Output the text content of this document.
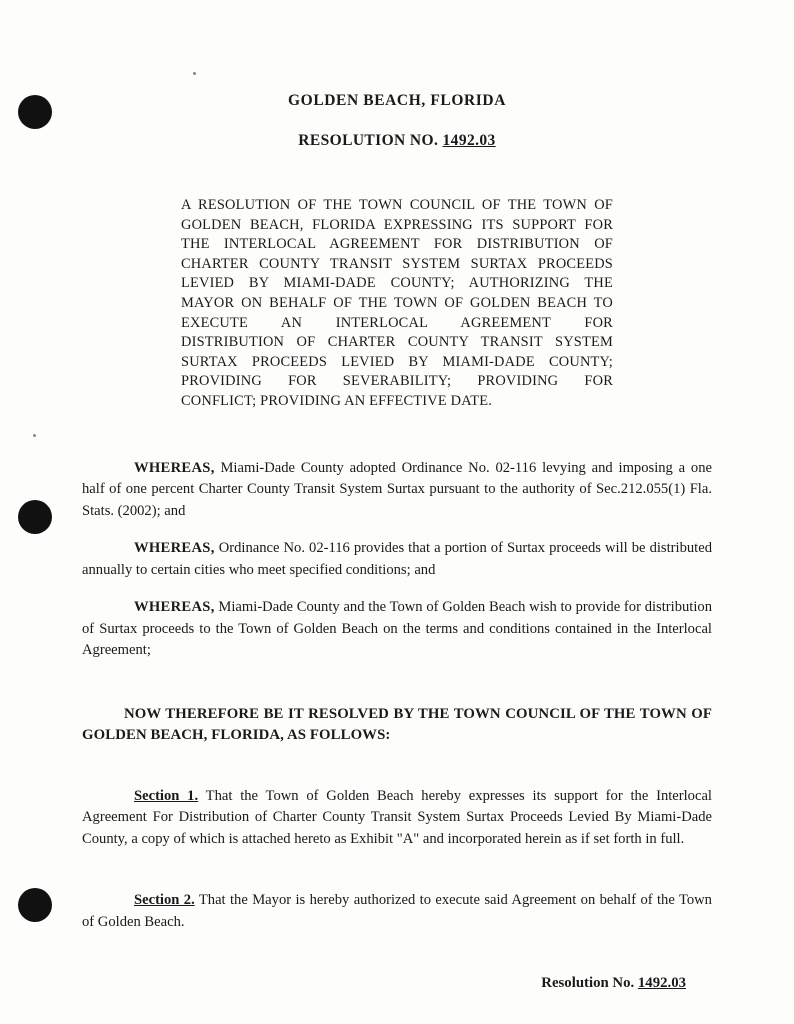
GOLDEN BEACH, FLORIDA
RESOLUTION NO. 1492.03
A RESOLUTION OF THE TOWN COUNCIL OF THE TOWN OF
GOLDEN BEACH, FLORIDA EXPRESSING ITS SUPPORT FOR
THE INTERLOCAL AGREEMENT FOR DISTRIBUTION OF
CHARTER COUNTY TRANSIT SYSTEM SURTAX PROCEEDS
LEVIED BY MIAMI-DADE COUNTY; AUTHORIZING THE
MAYOR ON BEHALF OF THE TOWN OF GOLDEN BEACH TO
EXECUTE AN INTERLOCAL AGREEMENT FOR
DISTRIBUTION OF CHARTER COUNTY TRANSIT SYSTEM
SURTAX PROCEEDS LEVIED BY MIAMI-DADE COUNTY;
PROVIDING FOR SEVERABILITY; PROVIDING FOR
CONFLICT; PROVIDING AN EFFECTIVE DATE.

WHEREAS, Miami-Dade County adopted Ordinance No. 02-116 levying and imposing a one half of one percent Charter County Transit System Surtax pursuant to the authority of Sec.212.055(1) Fla. Stats. (2002); and

WHEREAS, Ordinance No. 02-116 provides that a portion of Surtax proceeds will be distributed annually to certain cities who meet specified conditions; and

WHEREAS, Miami-Dade County and the Town of Golden Beach wish to provide for distribution of Surtax proceeds to the Town of Golden Beach on the terms and conditions contained in the Interlocal Agreement;

NOW THEREFORE BE IT RESOLVED BY THE TOWN COUNCIL OF THE TOWN OF GOLDEN BEACH, FLORIDA, AS FOLLOWS:
Section 1. That the Town of Golden Beach hereby expresses its support for the Interlocal Agreement For Distribution of Charter County Transit System Surtax Proceeds Levied By Miami-Dade County, a copy of which is attached hereto as Exhibit "A" and incorporated herein as if set forth in full.
Section 2. That the Mayor is hereby authorized to execute said Agreement on behalf of the Town of Golden Beach.
Resolution No. 1492.03
